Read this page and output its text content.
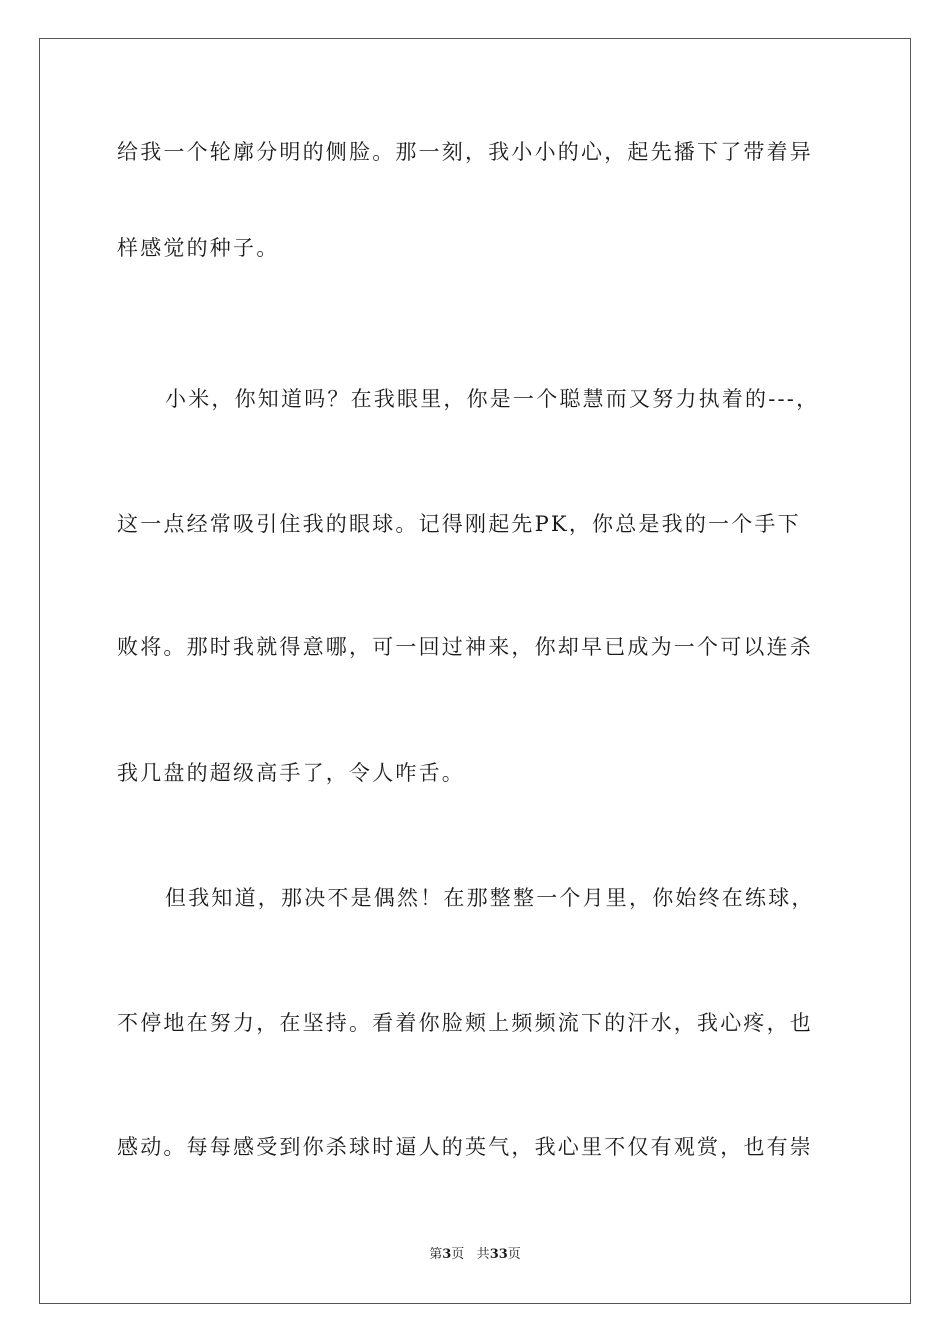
给我一个轮廓分明的侧脸。那一刻，我小小的心，起先播下了带着异
样感觉的种子。
小米，你知道吗？在我眼里，你是一个聪慧而又努力执着的---，
这一点经常吸引住我的眼球。记得刚起先PK，你总是我的一个手下
败将。那时我就得意哪，可一回过神来，你却早已成为一个可以连杀
我几盘的超级高手了，令人咋舌。
但我知道，那决不是偶然！在那整整一个月里，你始终在练球，
不停地在努力，在坚持。看着你脸颊上频频流下的汗水，我心疼，也
感动。每每感受到你杀球时逼人的英气，我心里不仅有观赏，也有崇
第3页 共33页
